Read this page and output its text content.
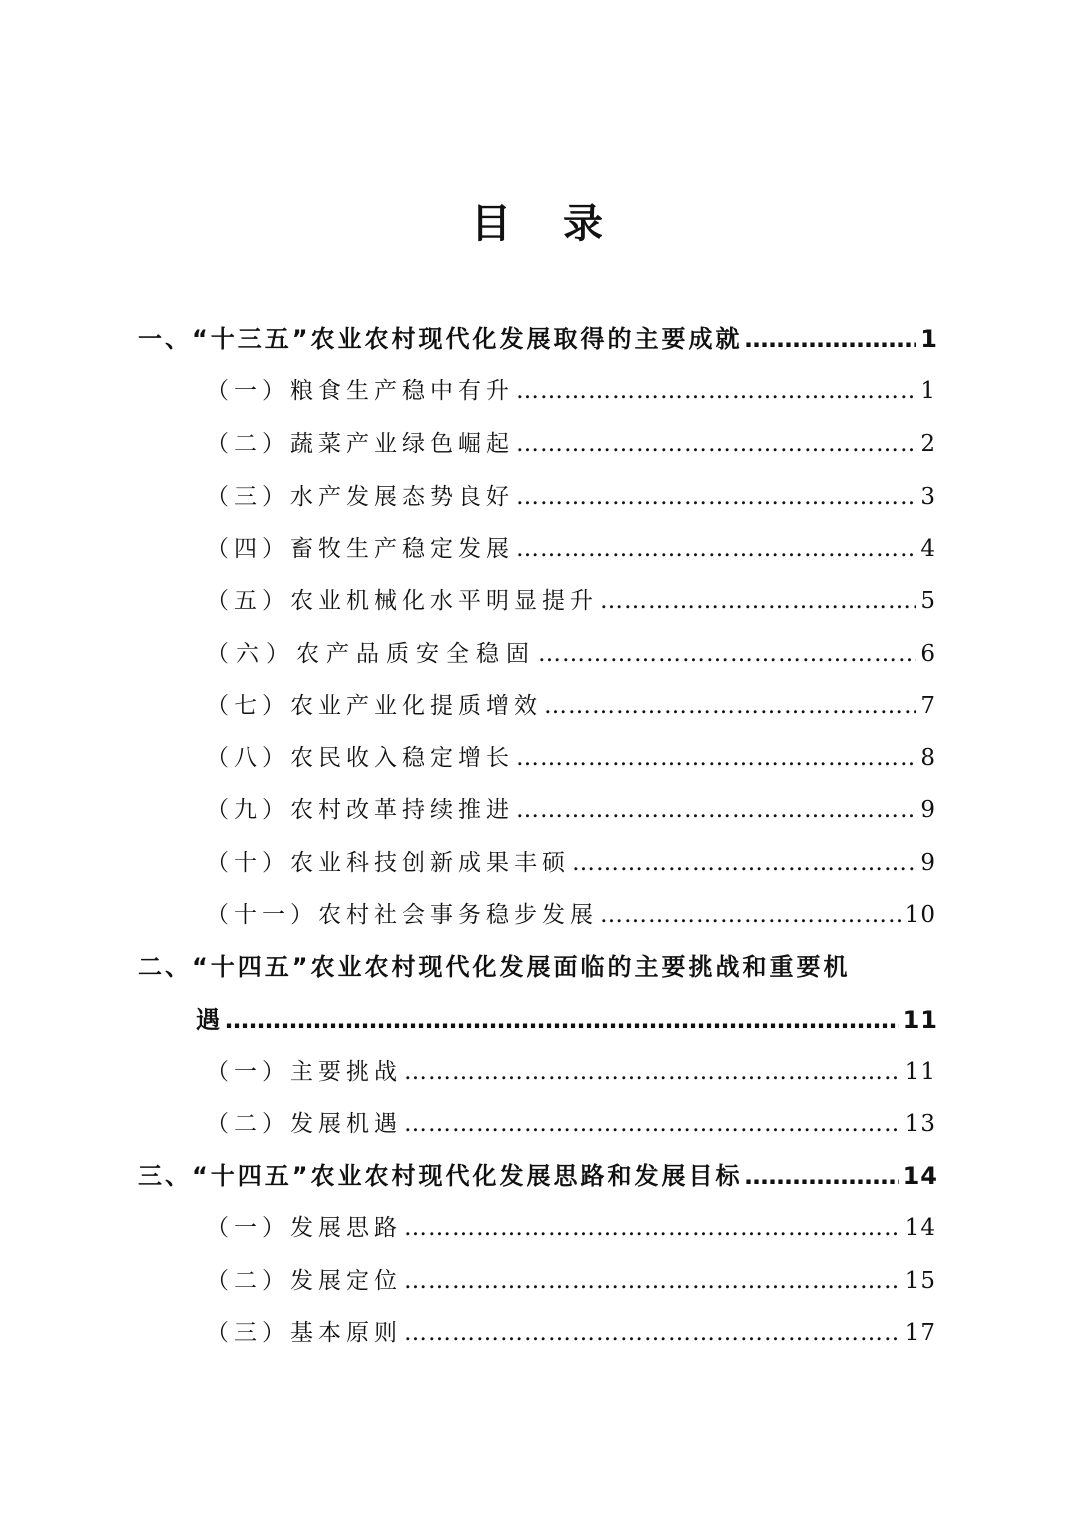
目 录
一、“十三五”农业农村现代化发展取得的主要成就 ……………………………………………………………………………………………………………………………………………………………………………	1
（一）粮食生产稳中有升 ……………………………………………………………………………………………………………………………………………………………………………	1
（二）蔬菜产业绿色崛起 ……………………………………………………………………………………………………………………………………………………………………………	2
（三）水产发展态势良好 ……………………………………………………………………………………………………………………………………………………………………………	3
（四）畜牧生产稳定发展 ……………………………………………………………………………………………………………………………………………………………………………	4
（五）农业机械化水平明显提升 ……………………………………………………………………………………………………………………………………………………………………………	5
（六）农产品质安全稳固 ……………………………………………………………………………………………………………………………………………………………………………	6
（七）农业产业化提质增效 ……………………………………………………………………………………………………………………………………………………………………………	7
（八）农民收入稳定增长 ……………………………………………………………………………………………………………………………………………………………………………	8
（九）农村改革持续推进 ……………………………………………………………………………………………………………………………………………………………………………	9
（十）农业科技创新成果丰硕 ……………………………………………………………………………………………………………………………………………………………………………	9
（十一）农村社会事务稳步发展 ……………………………………………………………………………………………………………………………………………………………………………	10
二、“十四五”农业农村现代化发展面临的主要挑战和重要机
遇 ……………………………………………………………………………………………………………………………………………………………………………	11
（一）主要挑战 ……………………………………………………………………………………………………………………………………………………………………………	11
（二）发展机遇 ……………………………………………………………………………………………………………………………………………………………………………	13
三、“十四五”农业农村现代化发展思路和发展目标 ……………………………………………………………………………………………………………………………………………………………………………	14
（一）发展思路 ……………………………………………………………………………………………………………………………………………………………………………	14
（二）发展定位 ……………………………………………………………………………………………………………………………………………………………………………	15
（三）基本原则 ……………………………………………………………………………………………………………………………………………………………………………	17
